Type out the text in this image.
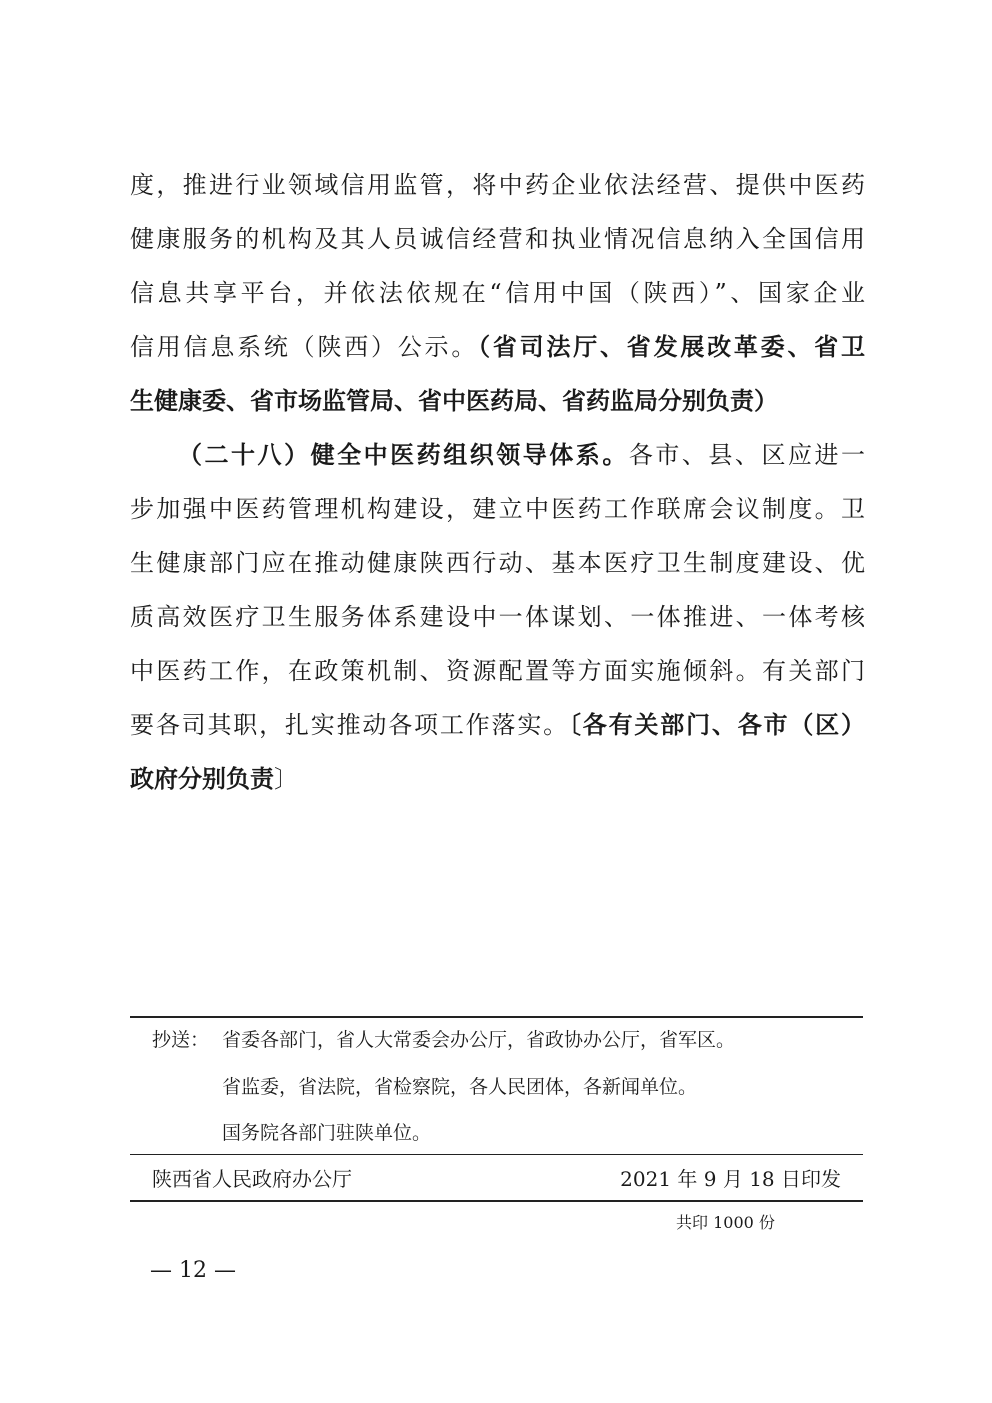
度，推进行业领域信用监管，将中药企业依法经营、提供中医药
健康服务的机构及其人员诚信经营和执业情况信息纳入全国信用
信息共享平台，并依法依规在“信用中国（陕西）”、国家企业
信用信息系统（陕西）公示。（省司法厅、省发展改革委、省卫
生健康委、省市场监管局、省中医药局、省药监局分别负责）
（二十八）健全中医药组织领导体系。各市、县、区应进一
步加强中医药管理机构建设，建立中医药工作联席会议制度。卫
生健康部门应在推动健康陕西行动、基本医疗卫生制度建设、优
质高效医疗卫生服务体系建设中一体谋划、一体推进、一体考核
中医药工作，在政策机制、资源配置等方面实施倾斜。有关部门
要各司其职，扎实推动各项工作落实。〔各有关部门、各市（区）
政府分别负责〕
抄送： 省委各部门，省人大常委会办公厅，省政协办公厅，省军区。
省监委，省法院，省检察院，各人民团体，各新闻单位。
国务院各部门驻陕单位。
陕西省人民政府办公厅	2021 年 9 月 18 日印发
共印 1000 份
— 12 —
